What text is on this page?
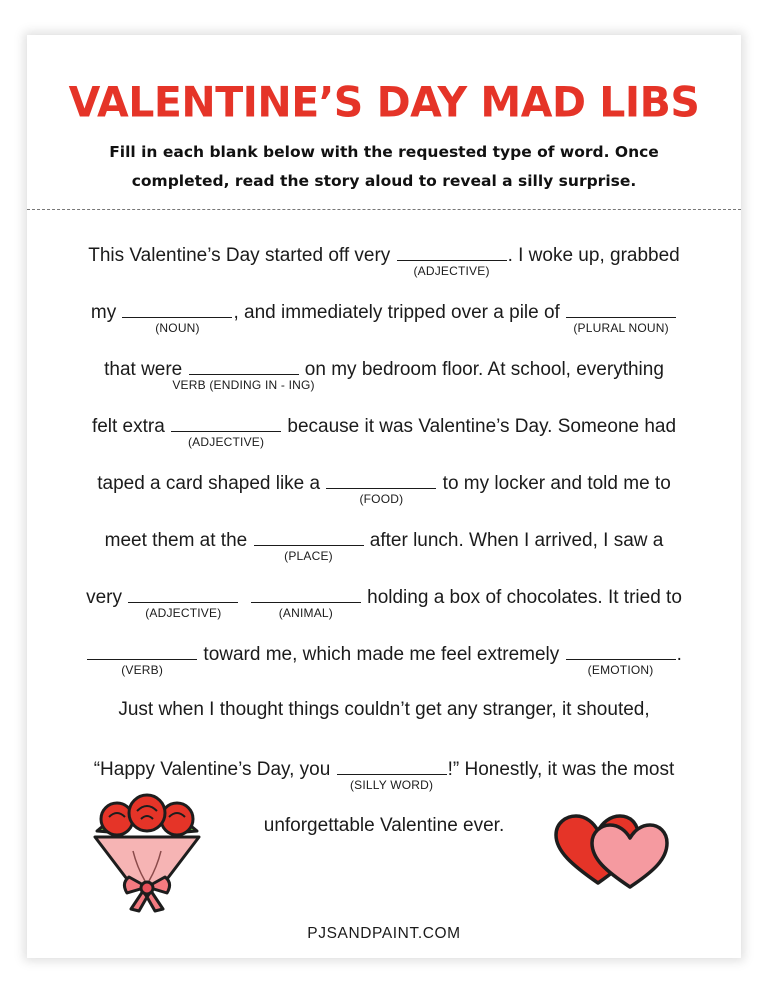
VALENTINE’S DAY MAD LIBS
Fill in each blank below with the requested type of word. Once completed, read the story aloud to reveal a silly surprise.
This Valentine’s Day started off very
(ADJECTIVE)
. I woke up, grabbed
my
(NOUN)
, and immediately tripped over a pile of
(PLURAL NOUN)
that were
VERB (ENDING IN - ING)
on my bedroom floor. At school, everything
felt extra
(ADJECTIVE)
because it was Valentine’s Day. Someone had
taped a card shaped like a
(FOOD)
to my locker and told me to
meet them at the
(PLACE)
after lunch. When I arrived, I saw a
very
(ADJECTIVE)
	(ANIMAL)
holding a box of chocolates. It tried to
(VERB)
toward me, which made me feel extremely
(EMOTION)
.
Just when I thought things couldn’t get any stranger, it shouted,
“Happy Valentine’s Day, you
(SILLY WORD)
!” Honestly, it was the most
unforgettable Valentine ever.
PJSANDPAINT.COM
